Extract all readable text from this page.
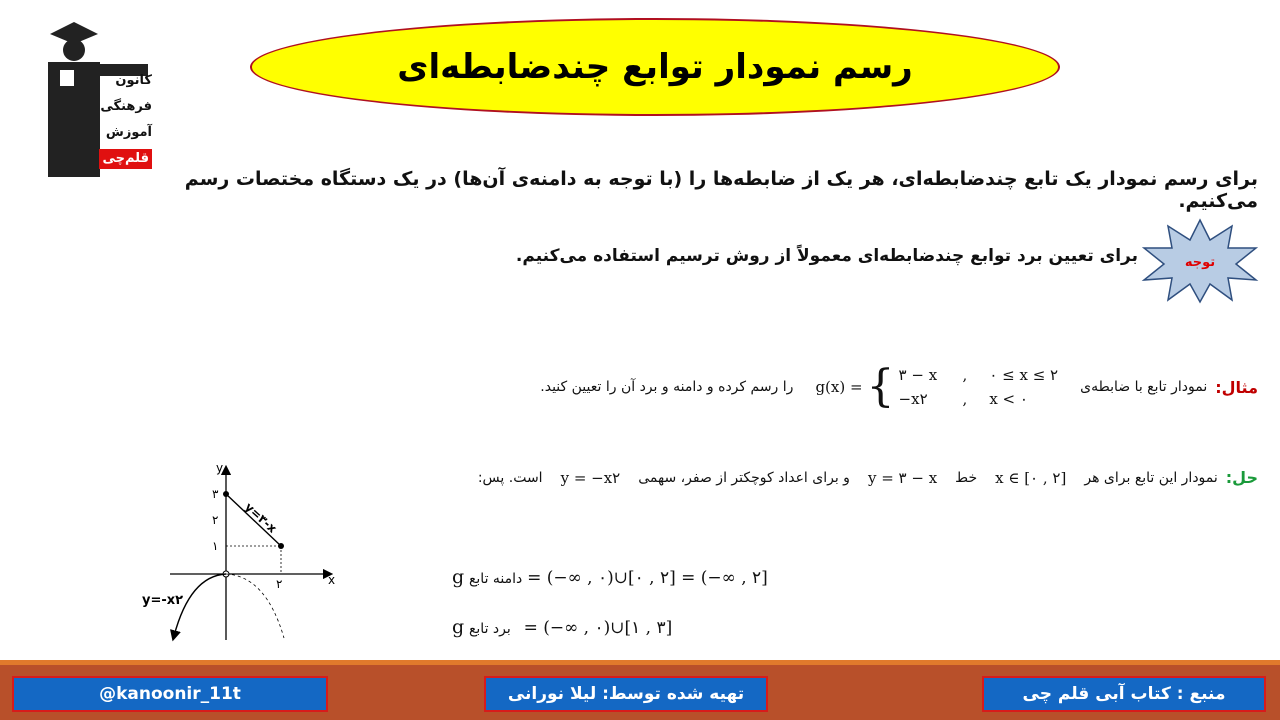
کانون
فرهنگی
آموزش
قلم‌چی
رسم نمودار توابع چندضابطه‌ای
برای رسم نمودار یک تابع چندضابطه‌ای، هر یک از ضابطه‌ها را (با توجه به دامنه‌ی آن‌ها) در یک دستگاه مختصات رسم می‌کنیم.
توجه
برای تعیین برد توابع چندضابطه‌ای معمولاً از روش ترسیم استفاده می‌کنیم.
مثال:
نمودار تابع با ضابطه‌ی
g(x) = { ۳ − x , ۰ ≤ x ≤ ۲
−x۲	, x < ۰
را رسم کرده و دامنه و برد آن را تعیین کنید.
حل:
نمودار این تابع برای هر
x ∈ [۰ , ۲]
خط
y = ۳ − x
و برای اعداد کوچکتر از صفر، سهمی
y = −x۲
است. پس:
y
x
۳
۲
۱
۲
y=۳-x
y=-x۲
g دامنه تابع = (−∞ , ۰)∪[۰ , ۲] = (−∞ , ۲]
g برد تابع = (−∞ , ۰)∪[۱ , ۳]
@kanoonir_11t	تهیه شده توسط: لیلا نورانی	منبع : کتاب آبی قلم چی
